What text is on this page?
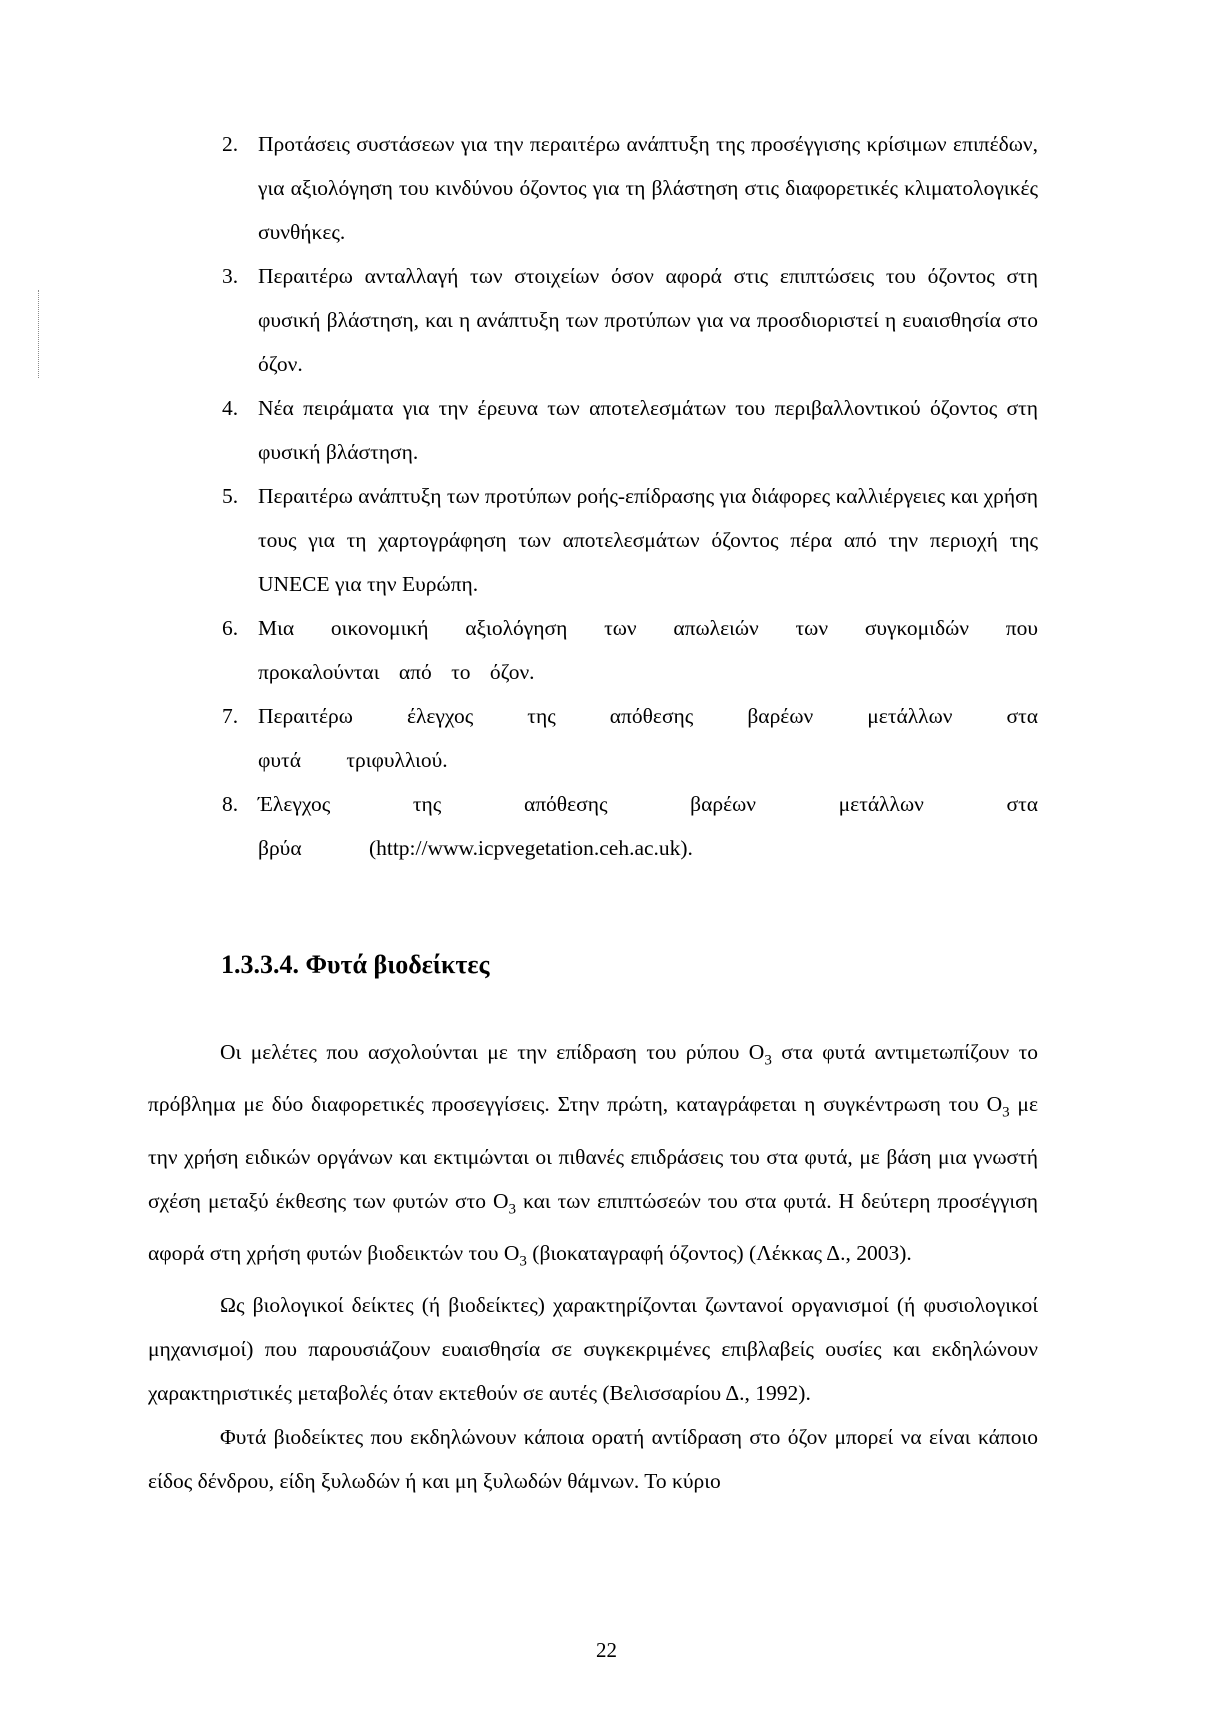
2. Προτάσεις συστάσεων για την περαιτέρω ανάπτυξη της προσέγγισης κρίσιμων επιπέδων, για αξιολόγηση του κινδύνου όζοντος για τη βλάστηση στις διαφορετικές κλιματολογικές συνθήκες.
3. Περαιτέρω ανταλλαγή των στοιχείων όσον αφορά στις επιπτώσεις του όζοντος στη φυσική βλάστηση, και η ανάπτυξη των προτύπων για να προσδιοριστεί η ευαισθησία στο όζον.
4. Νέα πειράματα για την έρευνα των αποτελεσμάτων του περιβαλλοντικού όζοντος στη φυσική βλάστηση.
5. Περαιτέρω ανάπτυξη των προτύπων ροής-επίδρασης για διάφορες καλλιέργειες και χρήση τους για τη χαρτογράφηση των αποτελεσμάτων όζοντος πέρα από την περιοχή της UNECE για την Ευρώπη.
6. Μια οικονομική αξιολόγηση των απωλειών των συγκομιδών που προκαλούνται από το όζον.
7. Περαιτέρω έλεγχος της απόθεσης βαρέων μετάλλων στα φυτά τριφυλλιού.
8. Έλεγχος της απόθεσης βαρέων μετάλλων στα βρύα (http://www.icpvegetation.ceh.ac.uk).
1.3.3.4. Φυτά βιοδείκτες

Οι μελέτες που ασχολούνται με την επίδραση του ρύπου $O_3$ στα φυτά αντιμετωπίζουν το πρόβλημα με δύο διαφορετικές προσεγγίσεις. Στην πρώτη, καταγράφεται η συγκέντρωση του $O_3$ με την χρήση ειδικών οργάνων και εκτιμώνται οι πιθανές επιδράσεις του στα φυτά, με βάση μια γνωστή σχέση μεταξύ έκθεσης των φυτών στο $O_3$ και των επιπτώσεών του στα φυτά. Η δεύτερη προσέγγιση αφορά στη χρήση φυτών βιοδεικτών του $O_3$ (βιοκαταγραφή όζοντος) (Λέκκας Δ., 2003).

Ως βιολογικοί δείκτες (ή βιοδείκτες) χαρακτηρίζονται ζωντανοί οργανισμοί (ή φυσιολογικοί μηχανισμοί) που παρουσιάζουν ευαισθησία σε συγκεκριμένες επιβλαβείς ουσίες και εκδηλώνουν χαρακτηριστικές μεταβολές όταν εκτεθούν σε αυτές (Βελισσαρίου Δ., 1992).

Φυτά βιοδείκτες που εκδηλώνουν κάποια ορατή αντίδραση στο όζον μπορεί να είναι κάποιο είδος δένδρου, είδη ξυλωδών ή και μη ξυλωδών θάμνων. Το κύριο

22
